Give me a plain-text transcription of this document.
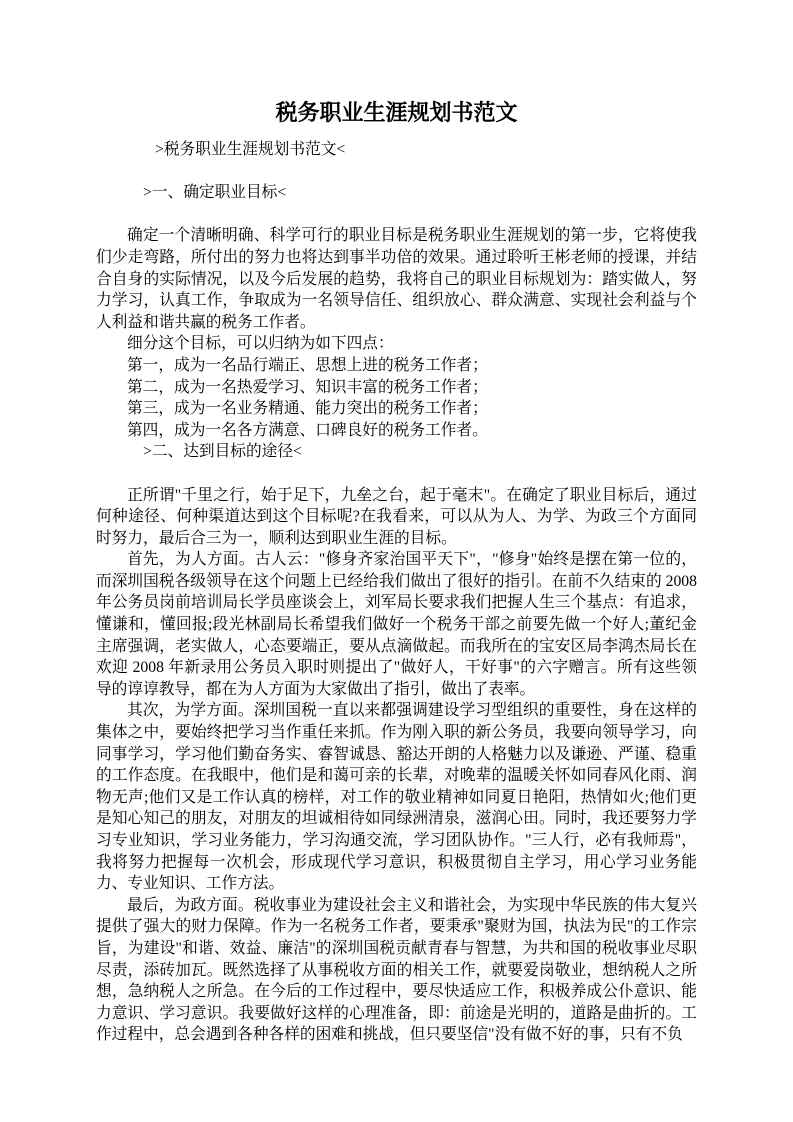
税务职业生涯规划书范文

>税务职业生涯规划书范文<

>一、确定职业目标<

确定一个清晰明确、科学可行的职业目标是税务职业生涯规划的第一步，它将使我们少走弯路，所付出的努力也将达到事半功倍的效果。通过聆听王彬老师的授课，并结合自身的实际情况，以及今后发展的趋势，我将自己的职业目标规划为：踏实做人，努力学习，认真工作，争取成为一名领导信任、组织放心、群众满意、实现社会利益与个人利益和谐共赢的税务工作者。

细分这个目标，可以归纳为如下四点：

第一，成为一名品行端正、思想上进的税务工作者；

第二，成为一名热爱学习、知识丰富的税务工作者；

第三，成为一名业务精通、能力突出的税务工作者；

第四，成为一名各方满意、口碑良好的税务工作者。

>二、达到目标的途径<

正所谓"千里之行，始于足下，九垒之台，起于毫末"。在确定了职业目标后，通过何种途径、何种渠道达到这个目标呢?在我看来，可以从为人、为学、为政三个方面同时努力，最后合三为一，顺利达到职业生涯的目标。

首先，为人方面。古人云："修身齐家治国平天下"，"修身"始终是摆在第一位的，而深圳国税各级领导在这个问题上已经给我们做出了很好的指引。在前不久结束的 2008 年公务员岗前培训局长学员座谈会上，刘军局长要求我们把握人生三个基点：有追求，懂谦和，懂回报;段光林副局长希望我们做好一个税务干部之前要先做一个好人;董纪金主席强调，老实做人，心态要端正，要从点滴做起。而我所在的宝安区局李鸿杰局长在欢迎 2008 年新录用公务员入职时则提出了"做好人，干好事"的六字赠言。所有这些领导的谆谆教导，都在为人方面为大家做出了指引，做出了表率。

其次，为学方面。深圳国税一直以来都强调建设学习型组织的重要性，身在这样的集体之中，要始终把学习当作重任来抓。作为刚入职的新公务员，我要向领导学习，向同事学习，学习他们勤奋务实、睿智诚恳、豁达开朗的人格魅力以及谦逊、严谨、稳重的工作态度。在我眼中，他们是和蔼可亲的长辈，对晚辈的温暖关怀如同春风化雨、润物无声;他们又是工作认真的榜样，对工作的敬业精神如同夏日艳阳，热情如火;他们更是知心知己的朋友，对朋友的坦诚相待如同绿洲清泉，滋润心田。同时，我还要努力学习专业知识，学习业务能力，学习沟通交流，学习团队协作。"三人行，必有我师焉"，我将努力把握每一次机会，形成现代学习意识，积极贯彻自主学习，用心学习业务能力、专业知识、工作方法。

最后，为政方面。税收事业为建设社会主义和谐社会，为实现中华民族的伟大复兴提供了强大的财力保障。作为一名税务工作者，要秉承"聚财为国，执法为民"的工作宗旨，为建设"和谐、效益、廉洁"的深圳国税贡献青春与智慧，为共和国的税收事业尽职尽责，添砖加瓦。既然选择了从事税收方面的相关工作，就要爱岗敬业，想纳税人之所想，急纳税人之所急。在今后的工作过程中，要尽快适应工作，积极养成公仆意识、能力意识、学习意识。我要做好这样的心理准备，即：前途是光明的，道路是曲折的。工作过程中，总会遇到各种各样的困难和挑战，但只要坚信"没有做不好的事，只有不负
